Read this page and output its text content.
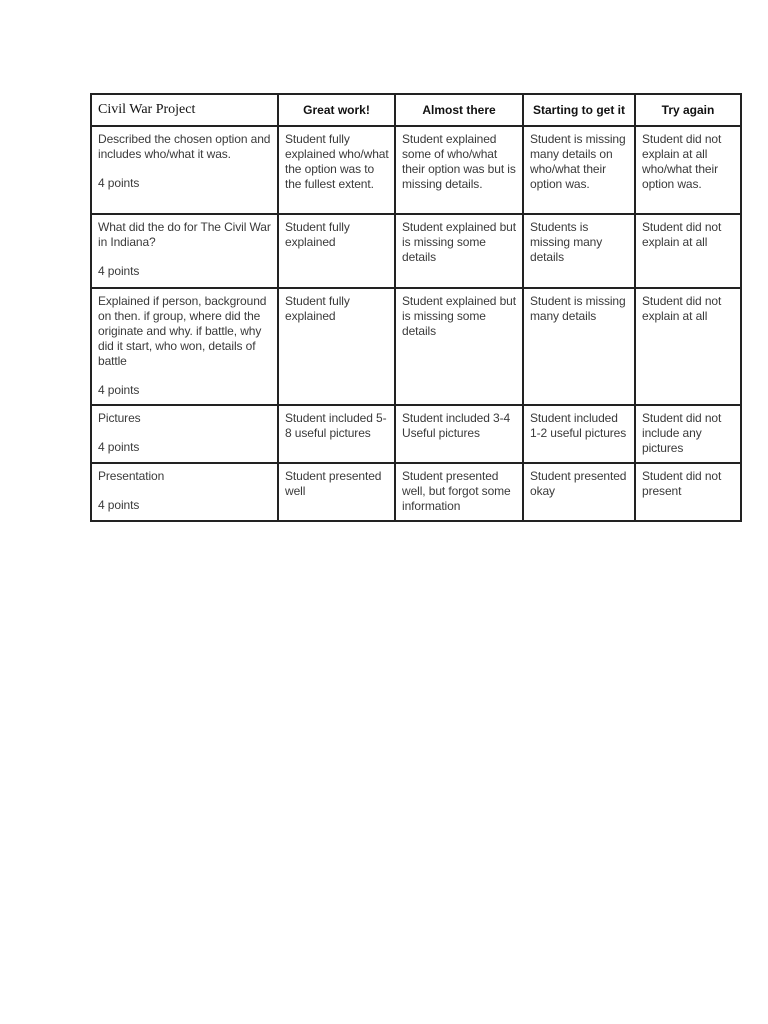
Civil War Project	Great work!	Almost there	Starting to get it	Try again

Described the chosen option and includes who/what it was.
4 points	Student fully explained who/what the option was to the fullest extent.	Student explained some of who/what their option was but is missing details.	Student is missing many details on who/what their option was.	Student did not explain at all who/what their option was.

What did the do for The Civil War in Indiana?
4 points	Student fully explained	Student explained but is missing some details	Students is missing many details	Student did not explain at all

Explained if person, background on then. if group, where did the originate and why. if battle, why did it start, who won, details of battle
4 points	Student fully explained	Student explained but is missing some details	Student is missing many details	Student did not explain at all

Pictures
4 points	Student included 5-8 useful pictures	Student included 3-4 Useful pictures	Student included 1-2 useful pictures	Student did not include any pictures

Presentation
4 points	Student presented well	Student presented well, but forgot some information	Student presented okay	Student did not present
